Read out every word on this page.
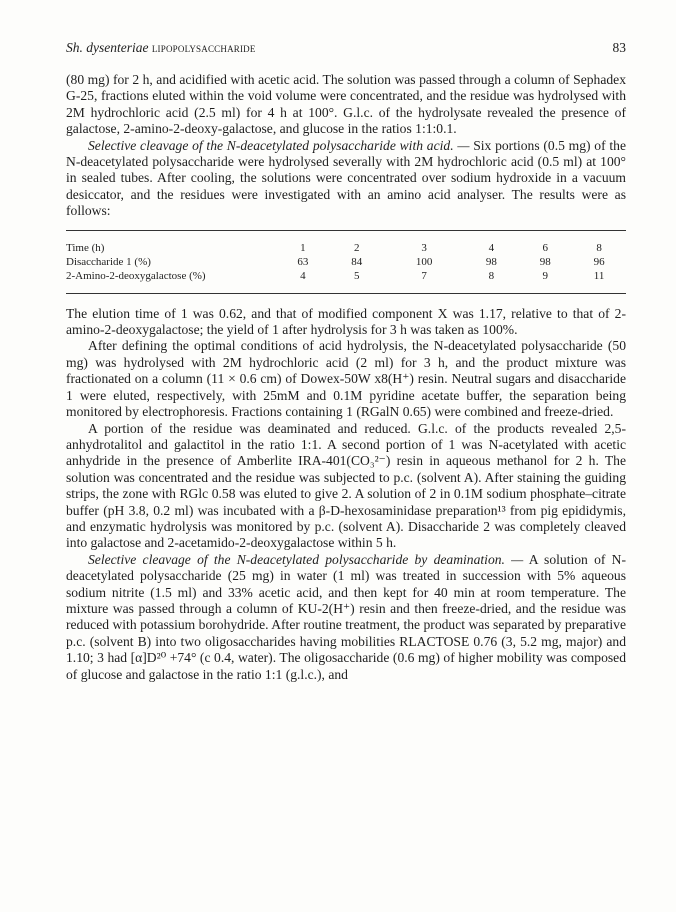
Sh. dysenteriae lipopolysaccharide	83

(80 mg) for 2 h, and acidified with acetic acid. The solution was passed through a column of Sephadex G-25, fractions eluted within the void volume were concentrated, and the residue was hydrolysed with 2M hydrochloric acid (2.5 ml) for 4 h at 100°. G.l.c. of the hydrolysate revealed the presence of galactose, 2-amino-2-deoxy-galactose, and glucose in the ratios 1:1:0.1.

Selective cleavage of the N-deacetylated polysaccharide with acid. — Six portions (0.5 mg) of the N-deacetylated polysaccharide were hydrolysed severally with 2M hydrochloric acid (0.5 ml) at 100° in sealed tubes. After cooling, the solutions were concentrated over sodium hydroxide in a vacuum desiccator, and the residues were investigated with an amino acid analyser. The results were as follows:

Time (h)	1	2	3	4	6	8
Disaccharide 1 (%)	63	84	100	98	98	96
2-Amino-2-deoxygalactose (%)	4	5	7	8	9	11

The elution time of 1 was 0.62, and that of modified component X was 1.17, relative to that of 2-amino-2-deoxygalactose; the yield of 1 after hydrolysis for 3 h was taken as 100%.

After defining the optimal conditions of acid hydrolysis, the N-deacetylated polysaccharide (50 mg) was hydrolysed with 2M hydrochloric acid (2 ml) for 3 h, and the product mixture was fractionated on a column (11 × 0.6 cm) of Dowex-50W x8(H⁺) resin. Neutral sugars and disaccharide 1 were eluted, respectively, with 25mM and 0.1M pyridine acetate buffer, the separation being monitored by electrophoresis. Fractions containing 1 (RGalN 0.65) were combined and freeze-dried.

A portion of the residue was deaminated and reduced. G.l.c. of the products revealed 2,5-anhydrotalitol and galactitol in the ratio 1:1. A second portion of 1 was N-acetylated with acetic anhydride in the presence of Amberlite IRA-401(CO₃²⁻) resin in aqueous methanol for 2 h. The solution was concentrated and the residue was subjected to p.c. (solvent A). After staining the guiding strips, the zone with RGlc 0.58 was eluted to give 2. A solution of 2 in 0.1M sodium phosphate–citrate buffer (pH 3.8, 0.2 ml) was incubated with a β-D-hexosaminidase preparation¹³ from pig epididymis, and enzymatic hydrolysis was monitored by p.c. (solvent A). Disaccharide 2 was completely cleaved into galactose and 2-acetamido-2-deoxygalactose within 5 h.

Selective cleavage of the N-deacetylated polysaccharide by deamination. — A solution of N-deacetylated polysaccharide (25 mg) in water (1 ml) was treated in succession with 5% aqueous sodium nitrite (1.5 ml) and 33% acetic acid, and then kept for 40 min at room temperature. The mixture was passed through a column of KU-2(H⁺) resin and then freeze-dried, and the residue was reduced with potassium borohydride. After routine treatment, the product was separated by preparative p.c. (solvent B) into two oligosaccharides having mobilities RLACTOSE 0.76 (3, 5.2 mg, major) and 1.10; 3 had [α]D²⁰ +74° (c 0.4, water). The oligosaccharide (0.6 mg) of higher mobility was composed of glucose and galactose in the ratio 1:1 (g.l.c.), and
